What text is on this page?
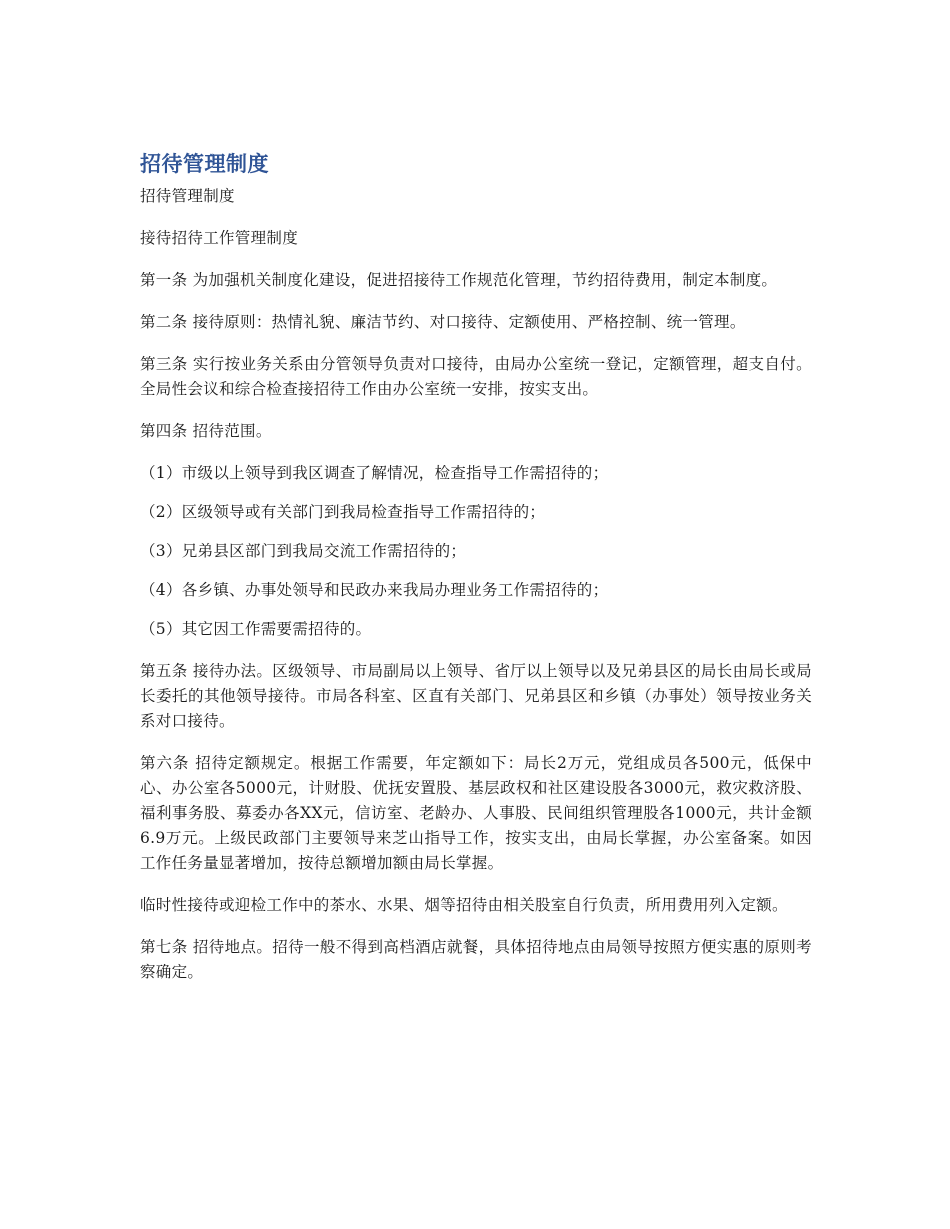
招待管理制度

招待管理制度

接待招待工作管理制度

第一条 为加强机关制度化建设，促进招接待工作规范化管理，节约招待费用，制定本制度。

第二条 接待原则：热情礼貌、廉洁节约、对口接待、定额使用、严格控制、统一管理。

第三条 实行按业务关系由分管领导负责对口接待，由局办公室统一登记，定额管理，超支自付。全局性会议和综合检查接招待工作由办公室统一安排，按实支出。

第四条 招待范围。

（1）市级以上领导到我区调查了解情况，检查指导工作需招待的；

（2）区级领导或有关部门到我局检查指导工作需招待的；

（3）兄弟县区部门到我局交流工作需招待的；

（4）各乡镇、办事处领导和民政办来我局办理业务工作需招待的；

（5）其它因工作需要需招待的。

第五条 接待办法。区级领导、市局副局以上领导、省厅以上领导以及兄弟县区的局长由局长或局长委托的其他领导接待。市局各科室、区直有关部门、兄弟县区和乡镇（办事处）领导按业务关系对口接待。

第六条 招待定额规定。根据工作需要，年定额如下：局长2万元，党组成员各500元，低保中心、办公室各5000元，计财股、优抚安置股、基层政权和社区建设股各3000元，救灾救济股、福利事务股、募委办各XX元，信访室、老龄办、人事股、民间组织管理股各1000元，共计金额6.9万元。上级民政部门主要领导来芝山指导工作，按实支出，由局长掌握，办公室备案。如因工作任务量显著增加，按待总额增加额由局长掌握。

临时性接待或迎检工作中的茶水、水果、烟等招待由相关股室自行负责，所用费用列入定额。

第七条 招待地点。招待一般不得到高档酒店就餐，具体招待地点由局领导按照方便实惠的原则考察确定。
